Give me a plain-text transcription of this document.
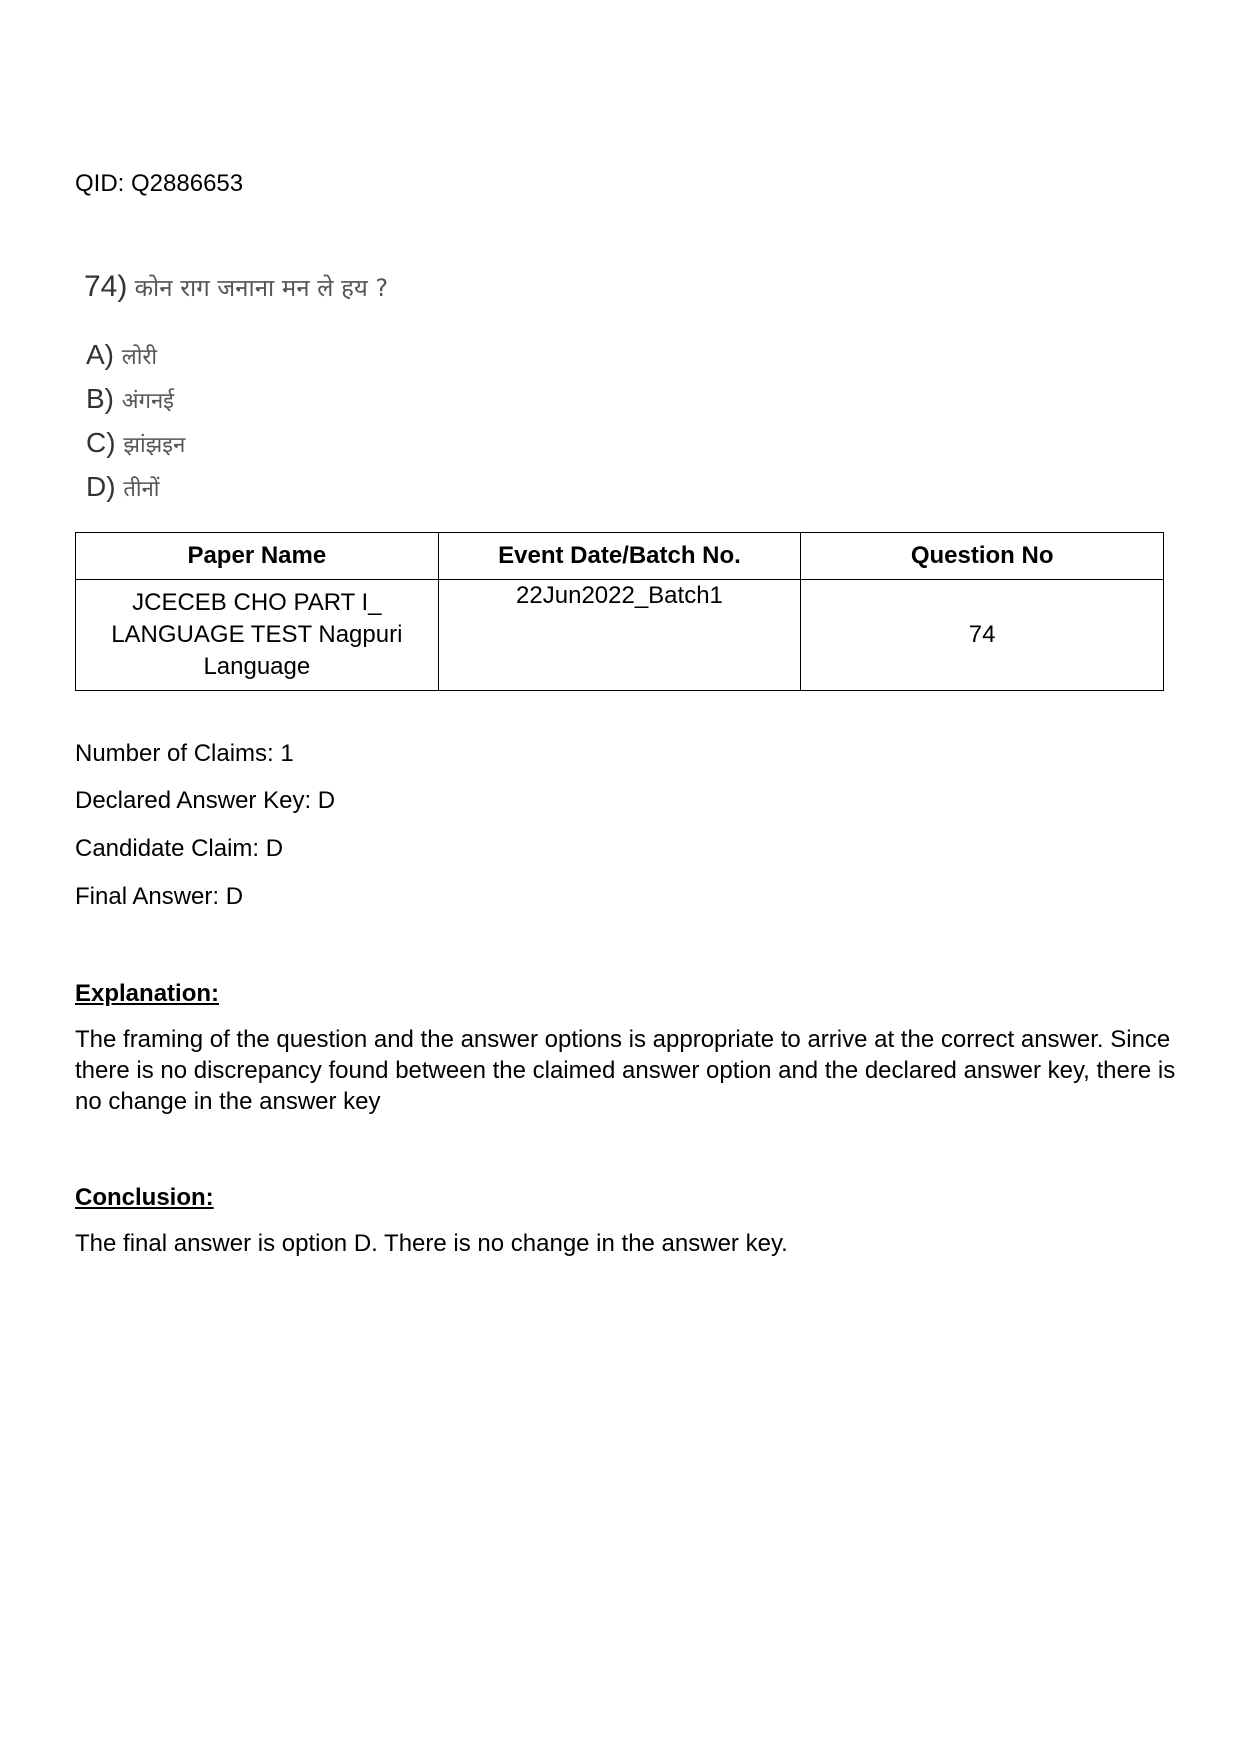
QID: Q2886653
74) कोन राग जनाना मन ले हय ?
A) लोरी
B) अंगनई
C) झांझइन
D) तीनों
Paper Name	Event Date/Batch No.	Question No
JCECEB CHO PART I_ LANGUAGE TEST Nagpuri Language	22Jun2022_Batch1	74
Number of Claims: 1
Declared Answer Key: D
Candidate Claim: D
Final Answer: D
Explanation:
The framing of the question and the answer options is appropriate to arrive at the correct answer. Since there is no discrepancy found between the claimed answer option and the declared answer key, there is no change in the answer key
Conclusion:
The final answer is option D. There is no change in the answer key.
